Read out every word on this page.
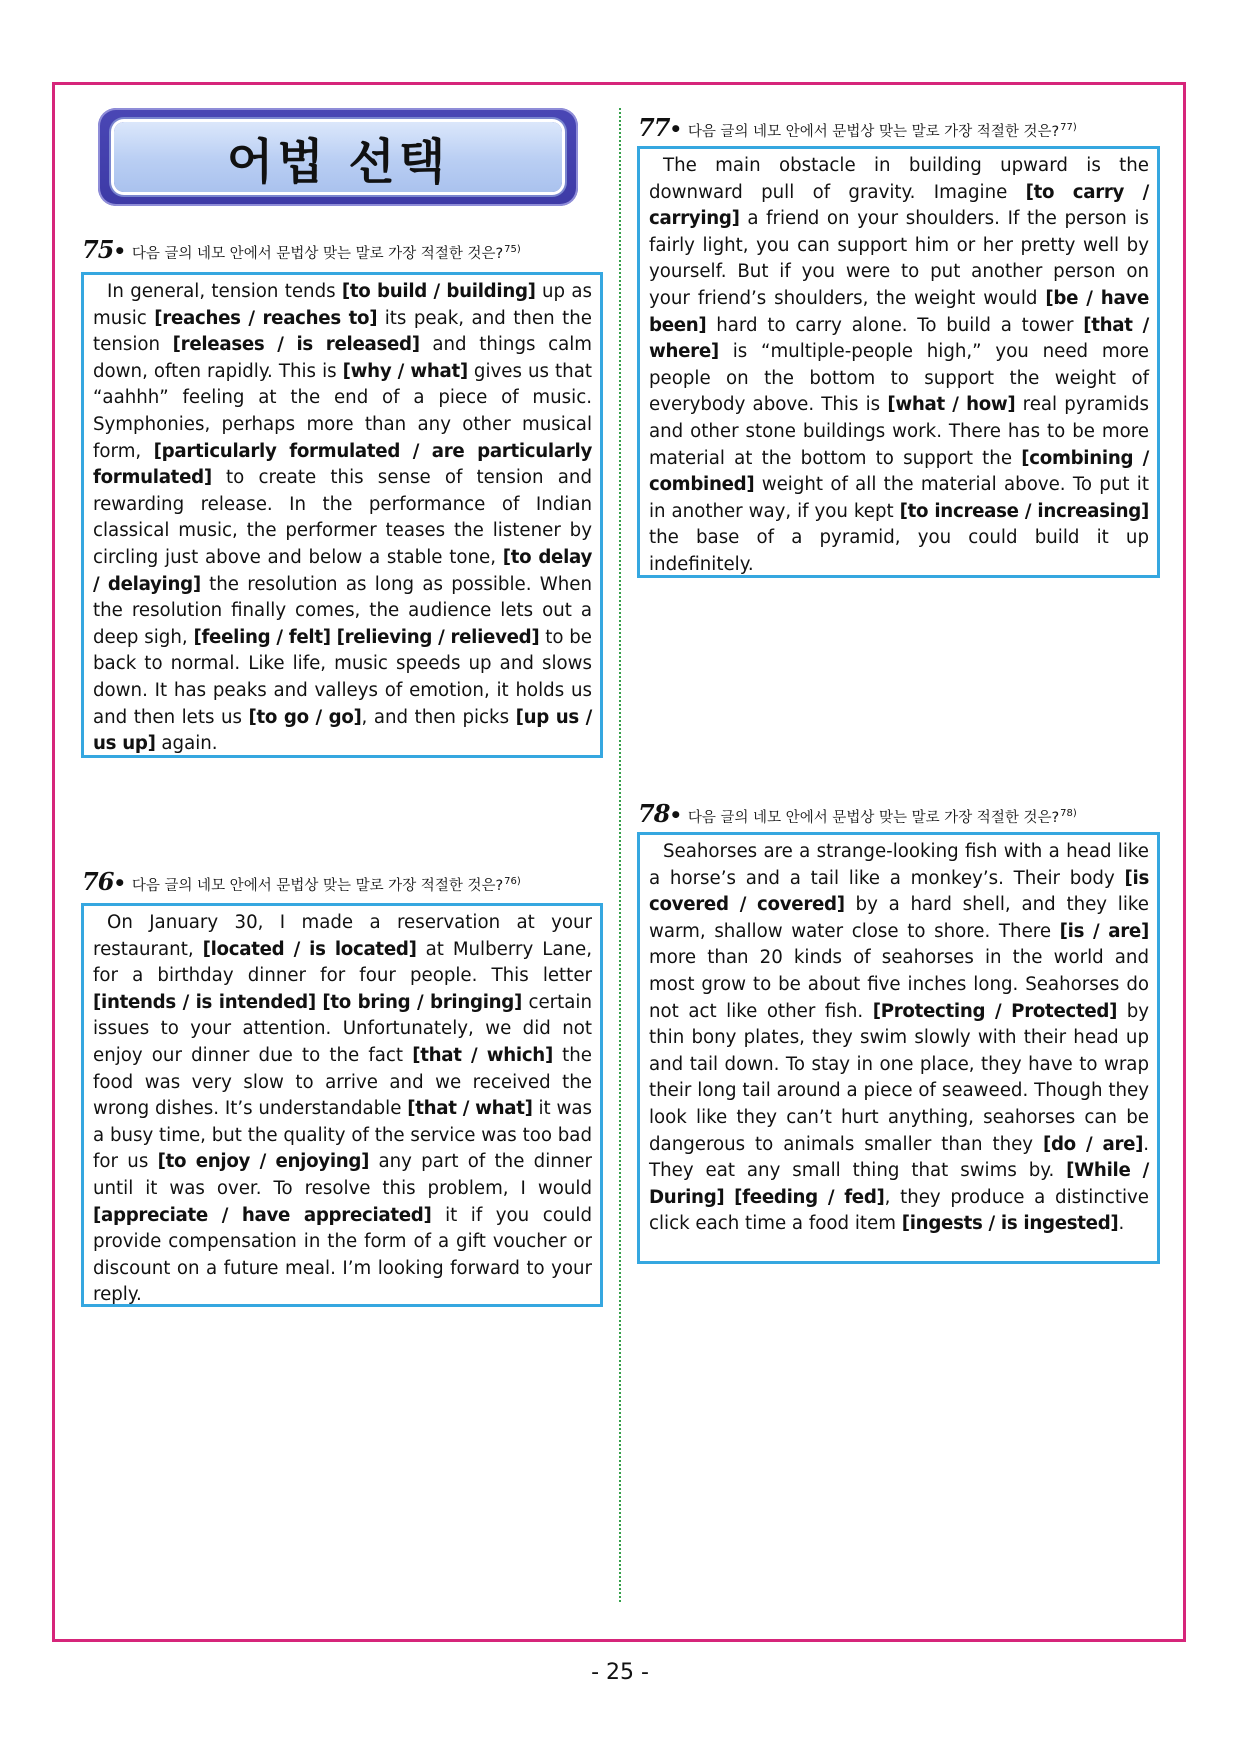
어법 선택
75• 다음 글의 네모 안에서 문법상 맞는 말로 가장 적절한 것은?$^{75)}$
In general, tension tends [to build / building] up as music [reaches / reaches to] its peak, and then the tension [releases / is released] and things calm down, often rapidly. This is [why / what] gives us that “aahhh” feeling at the end of a piece of music. Symphonies, perhaps more than any other musical form, [particularly formulated / are particularly formulated] to create this sense of tension and rewarding release. In the performance of Indian classical music, the performer teases the listener by circling just above and below a stable tone, [to delay / delaying] the resolution as long as possible. When the resolution finally comes, the audience lets out a deep sigh, [feeling / felt] [relieving / relieved] to be back to normal. Like life, music speeds up and slows down. It has peaks and valleys of emotion, it holds us and then lets us [to go / go], and then picks [up us / us up] again.
76• 다음 글의 네모 안에서 문법상 맞는 말로 가장 적절한 것은?$^{76)}$
On January 30, I made a reservation at your restaurant, [located / is located] at Mulberry Lane, for a birthday dinner for four people. This letter [intends / is intended] [to bring / bringing] certain issues to your attention. Unfortunately, we did not enjoy our dinner due to the fact [that / which] the food was very slow to arrive and we received the wrong dishes. It’s understandable [that / what] it was a busy time, but the quality of the service was too bad for us [to enjoy / enjoying] any part of the dinner until it was over. To resolve this problem, I would [appreciate / have appreciated] it if you could provide compensation in the form of a gift voucher or discount on a future meal. I’m looking forward to your reply.
77• 다음 글의 네모 안에서 문법상 맞는 말로 가장 적절한 것은?$^{77)}$
The main obstacle in building upward is the downward pull of gravity. Imagine [to carry / carrying] a friend on your shoulders. If the person is fairly light, you can support him or her pretty well by yourself. But if you were to put another person on your friend’s shoulders, the weight would [be / have been] hard to carry alone. To build a tower [that / where] is “multiple-people high,” you need more people on the bottom to support the weight of everybody above. This is [what / how] real pyramids and other stone buildings work. There has to be more material at the bottom to support the [combining / combined] weight of all the material above. To put it in another way, if you kept [to increase / increasing] the base of a pyramid, you could build it up indefinitely.
78• 다음 글의 네모 안에서 문법상 맞는 말로 가장 적절한 것은?$^{78)}$
Seahorses are a strange-looking fish with a head like a horse’s and a tail like a monkey’s. Their body [is covered / covered] by a hard shell, and they like warm, shallow water close to shore. There [is / are] more than 20 kinds of seahorses in the world and most grow to be about five inches long. Seahorses do not act like other fish. [Protecting / Protected] by thin bony plates, they swim slowly with their head up and tail down. To stay in one place, they have to wrap their long tail around a piece of seaweed. Though they look like they can’t hurt anything, seahorses can be dangerous to animals smaller than they [do / are]. They eat any small thing that swims by. [While / During] [feeding / fed], they produce a distinctive click each time a food item [ingests / is ingested].
- 25 -
